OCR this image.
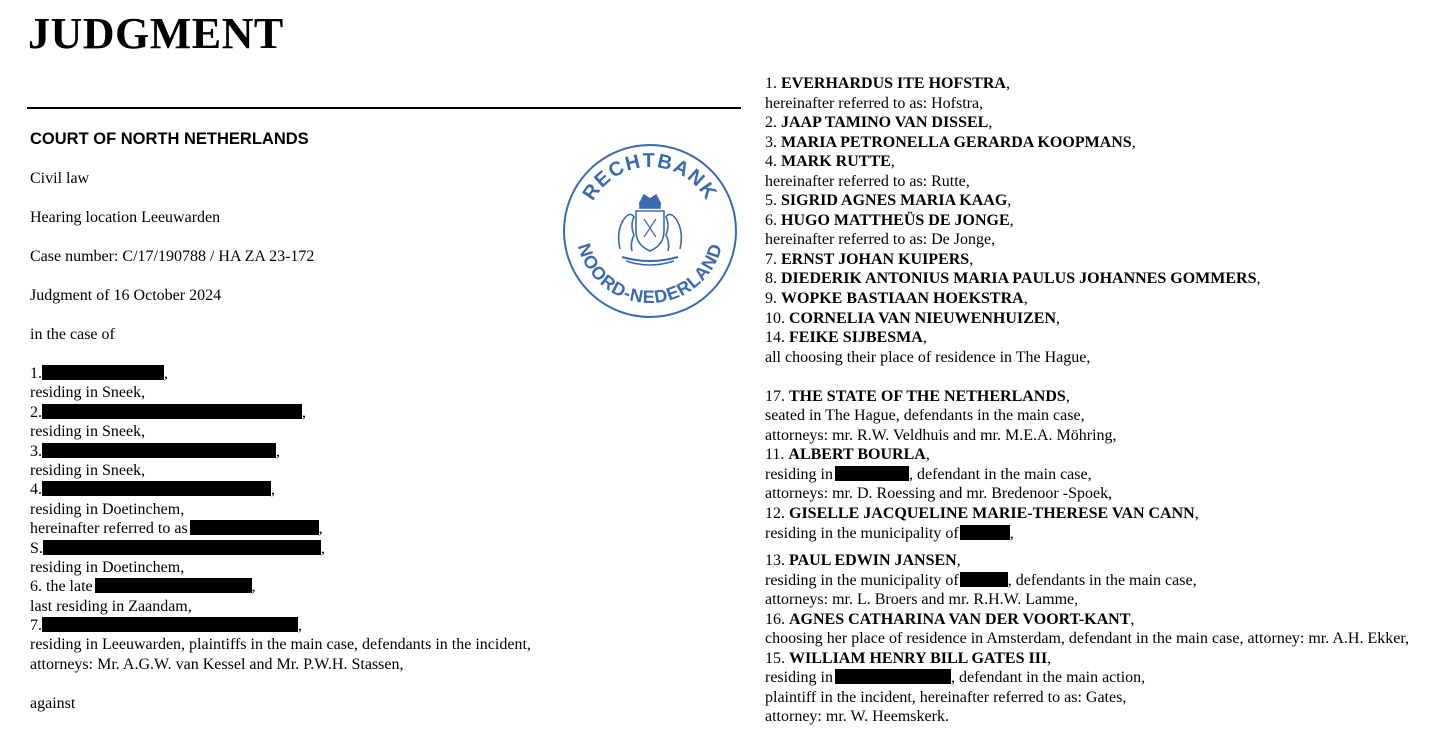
JUDGMENT
COURT OF NORTH NETHERLANDS
Civil law
Hearing location Leeuwarden
Case number: C/17/190788 / HA ZA 23-172
Judgment of 16 October 2024
in the case of
1.	,
residing in Sneek,
2.	,
residing in Sneek,
3.	,
residing in Sneek,
4.	,
residing in Doetinchem,
hereinafter referred to as	,
S.	,
residing in Doetinchem,
6. the late	,
last residing in Zaandam,
7.	,
residing in Leeuwarden, plaintiffs in the main case, defendants in the incident,
attorneys: Mr. A.G.W. van Kessel and Mr. P.W.H. Stassen,
against
RECHTBANK
NOORD-NEDERLAND
1. EVERHARDUS ITE HOFSTRA,
hereinafter referred to as: Hofstra,
2. JAAP TAMINO VAN DISSEL,
3. MARIA PETRONELLA GERARDA KOOPMANS,
4. MARK RUTTE,
hereinafter referred to as: Rutte,
5. SIGRID AGNES MARIA KAAG,
6. HUGO MATTHEÜS DE JONGE,
hereinafter referred to as: De Jonge,
7. ERNST JOHAN KUIPERS,
8. DIEDERIK ANTONIUS MARIA PAULUS JOHANNES GOMMERS,
9. WOPKE BASTIAAN HOEKSTRA,
10. CORNELIA VAN NIEUWENHUIZEN,
14. FEIKE SIJBESMA,
all choosing their place of residence in The Hague,
17. THE STATE OF THE NETHERLANDS,
seated in The Hague, defendants in the main case,
attorneys: mr. R.W. Veldhuis and mr. M.E.A. Möhring,
11. ALBERT BOURLA,
residing in	, defendant in the main case,
attorneys: mr. D. Roessing and mr. Bredenoor -Spoek,
12. GISELLE JACQUELINE MARIE-THERESE VAN CANN,
residing in the municipality of	,
13. PAUL EDWIN JANSEN,
residing in the municipality of	, defendants in the main case,
attorneys: mr. L. Broers and mr. R.H.W. Lamme,
16. AGNES CATHARINA VAN DER VOORT-KANT,
choosing her place of residence in Amsterdam, defendant in the main case, attorney: mr. A.H. Ekker,
15. WILLIAM HENRY BILL GATES III,
residing in	, defendant in the main action,
plaintiff in the incident, hereinafter referred to as: Gates,
attorney: mr. W. Heemskerk.
